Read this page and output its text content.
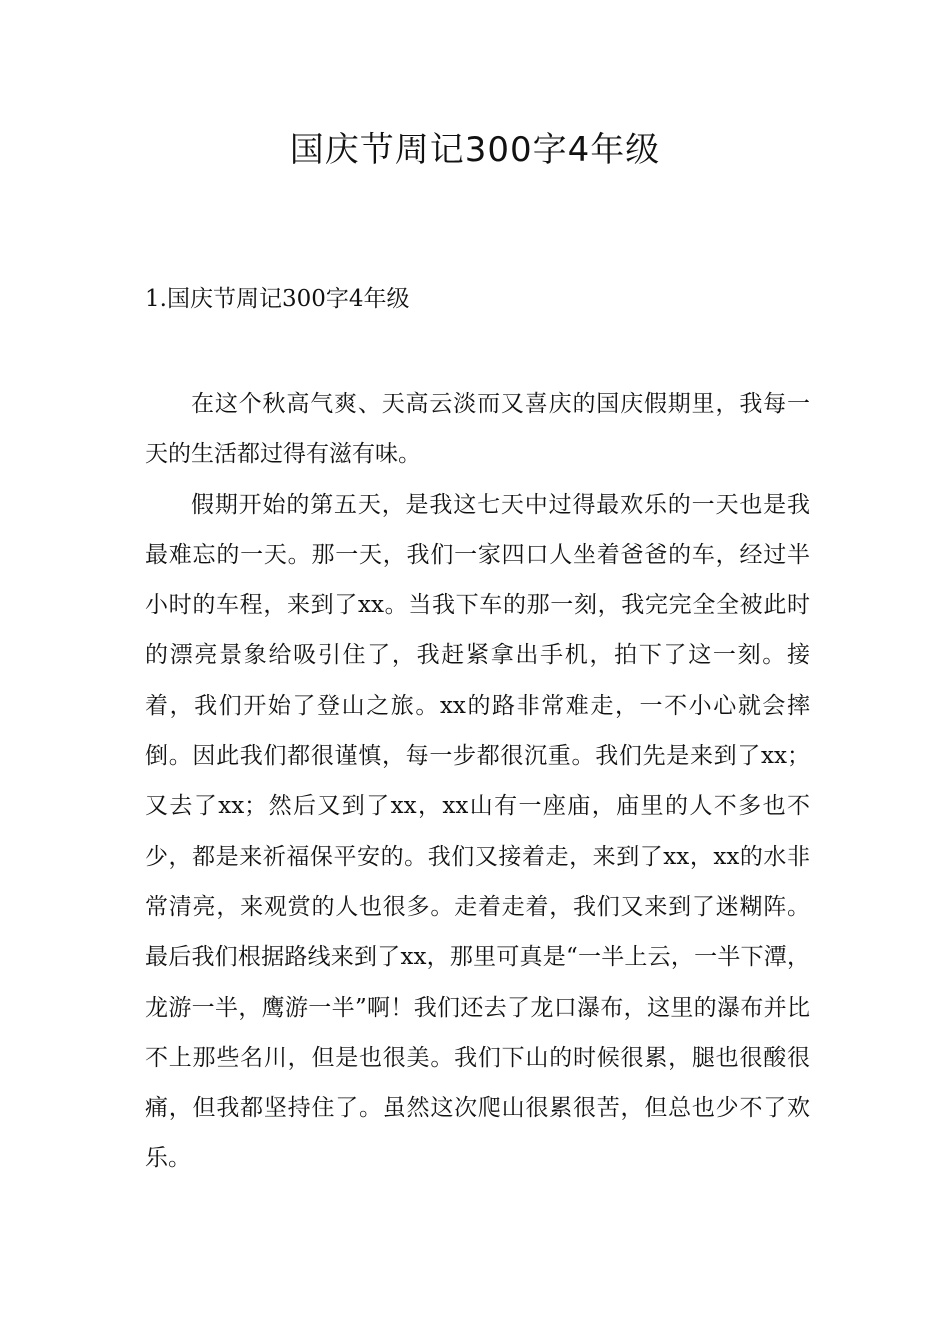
国庆节周记300字4年级
1.国庆节周记300字4年级

在这个秋高气爽、天高云淡而又喜庆的国庆假期里，我每一天的生活都过得有滋有味。

假期开始的第五天，是我这七天中过得最欢乐的一天也是我最难忘的一天。那一天，我们一家四口人坐着爸爸的车，经过半小时的车程，来到了xx。当我下车的那一刻，我完完全全被此时的漂亮景象给吸引住了，我赶紧拿出手机，拍下了这一刻。接着，我们开始了登山之旅。xx的路非常难走，一不小心就会摔倒。因此我们都很谨慎，每一步都很沉重。我们先是来到了xx；又去了xx；然后又到了xx，xx山有一座庙，庙里的人不多也不少，都是来祈福保平安的。我们又接着走，来到了xx，xx的水非常清亮，来观赏的人也很多。走着走着，我们又来到了迷糊阵。最后我们根据路线来到了xx，那里可真是“一半上云，一半下潭，龙游一半，鹰游一半”啊！我们还去了龙口瀑布，这里的瀑布并比不上那些名川，但是也很美。我们下山的时候很累，腿也很酸很痛，但我都坚持住了。虽然这次爬山很累很苦，但总也少不了欢乐。
